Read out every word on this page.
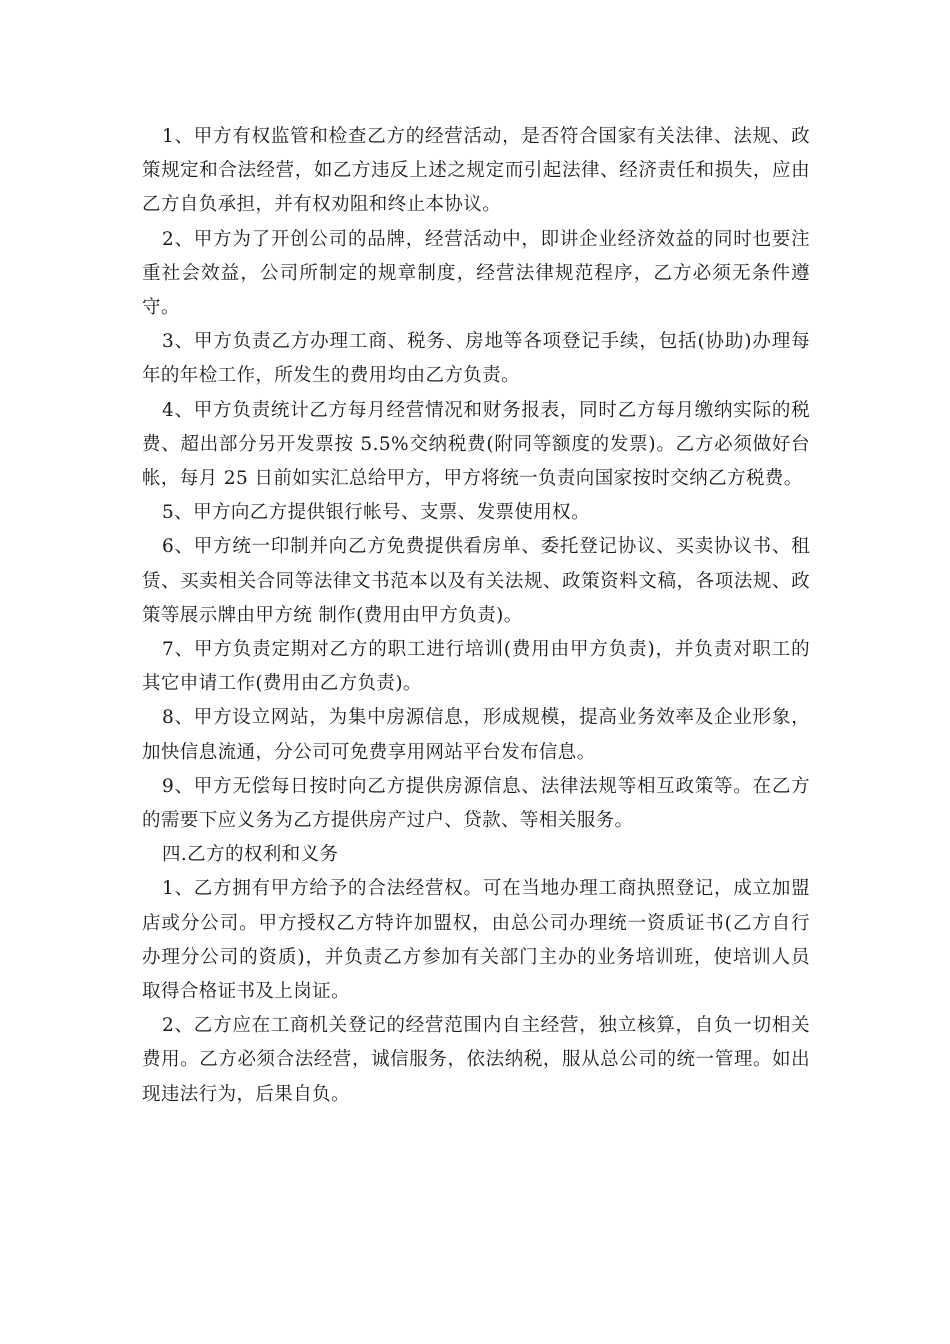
1、甲方有权监管和检查乙方的经营活动，是否符合国家有关法律、法规、政策规定和合法经营，如乙方违反上述之规定而引起法律、经济责任和损失，应由乙方自负承担，并有权劝阻和终止本协议。

2、甲方为了开创公司的品牌，经营活动中，即讲企业经济效益的同时也要注重社会效益，公司所制定的规章制度，经营法律规范程序，乙方必须无条件遵守。

3、甲方负责乙方办理工商、税务、房地等各项登记手续，包括(协助)办理每年的年检工作，所发生的费用均由乙方负责。

4、甲方负责统计乙方每月经营情况和财务报表，同时乙方每月缴纳实际的税费、超出部分另开发票按 5.5%交纳税费(附同等额度的发票)。乙方必须做好台帐，每月 25 日前如实汇总给甲方，甲方将统一负责向国家按时交纳乙方税费。

5、甲方向乙方提供银行帐号、支票、发票使用权。

6、甲方统一印制并向乙方免费提供看房单、委托登记协议、买卖协议书、租赁、买卖相关合同等法律文书范本以及有关法规、政策资料文稿，各项法规、政策等展示牌由甲方统 制作(费用由甲方负责)。

7、甲方负责定期对乙方的职工进行培训(费用由甲方负责)，并负责对职工的其它申请工作(费用由乙方负责)。

8、甲方设立网站，为集中房源信息，形成规模，提高业务效率及企业形象，加快信息流通，分公司可免费享用网站平台发布信息。

9、甲方无偿每日按时向乙方提供房源信息、法律法规等相互政策等。在乙方的需要下应义务为乙方提供房产过户、贷款、等相关服务。

四.乙方的权利和义务

1、乙方拥有甲方给予的合法经营权。可在当地办理工商执照登记，成立加盟店或分公司。甲方授权乙方特许加盟权，由总公司办理统一资质证书(乙方自行办理分公司的资质)，并负责乙方参加有关部门主办的业务培训班，使培训人员取得合格证书及上岗证。

2、乙方应在工商机关登记的经营范围内自主经营，独立核算，自负一切相关费用。乙方必须合法经营，诚信服务，依法纳税，服从总公司的统一管理。如出现违法行为，后果自负。
